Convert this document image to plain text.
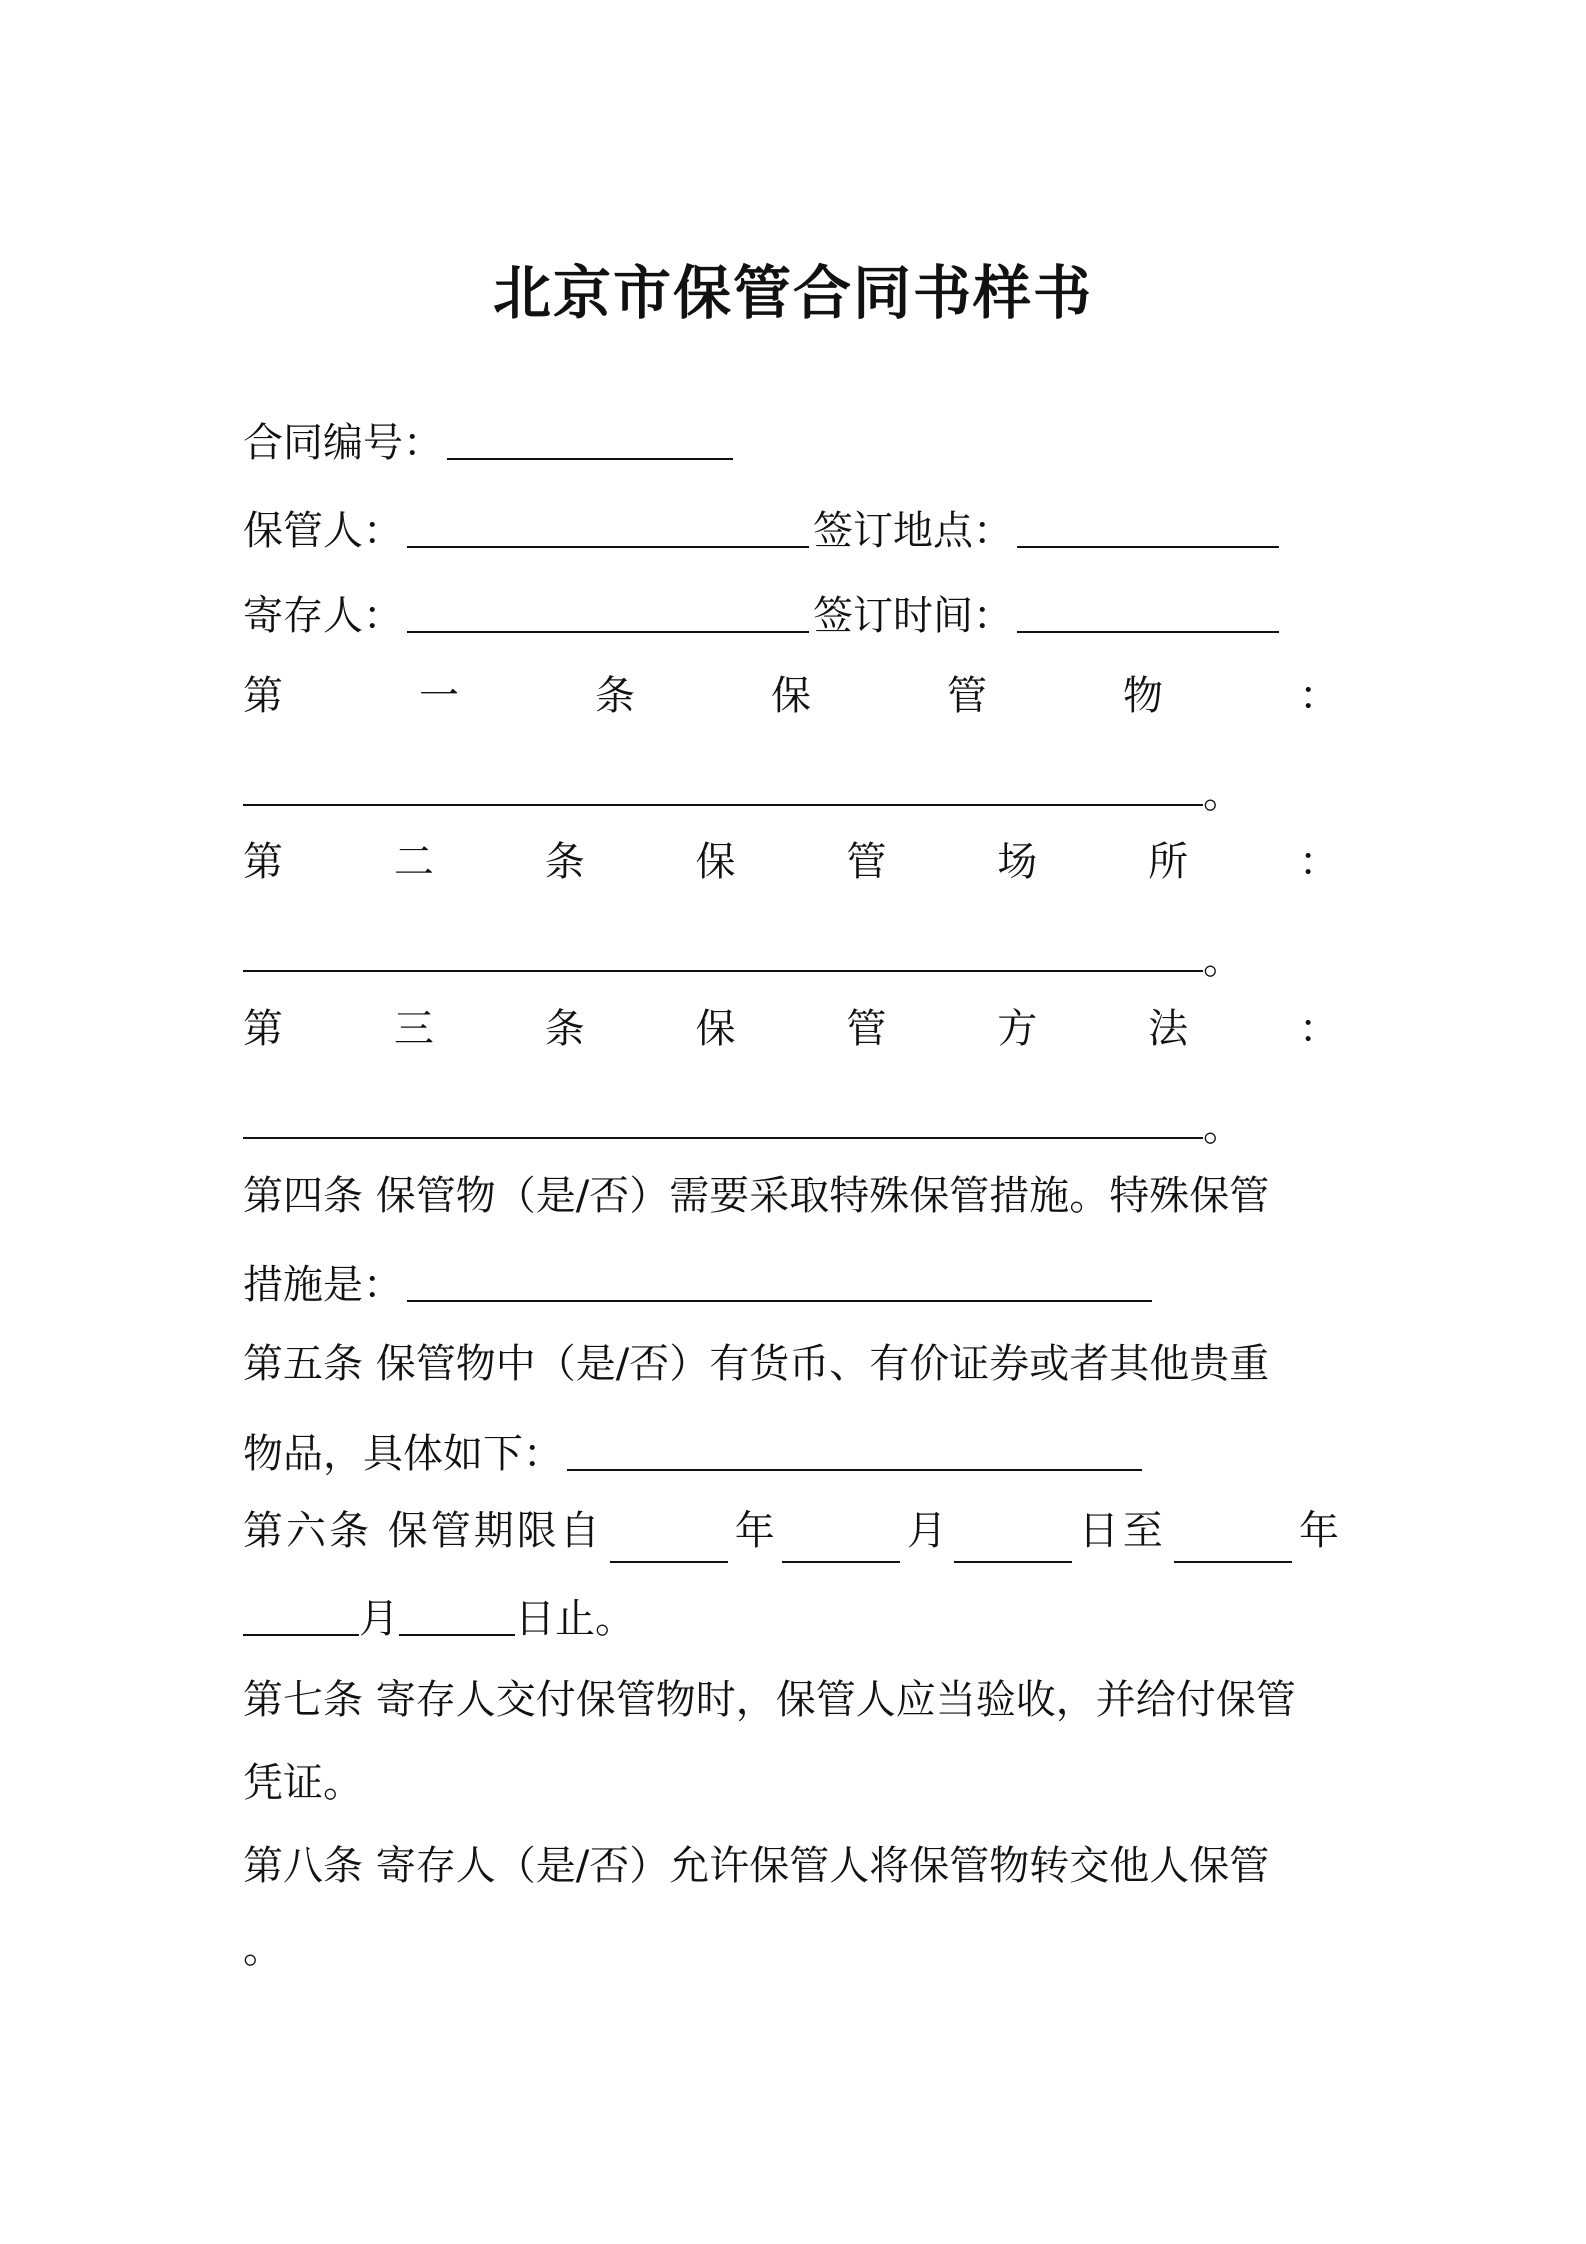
北京市保管合同书样书
合同编号：
保管人：	签订地点：
寄存人：	签订时间：
第	一	条	保	管	物	：
。
第	二	条	保	管	场	所	：
。
第	三	条	保	管	方	法	：
。
第四条 保管物（是/否）需要采取特殊保管措施。特殊保管
措施是：
第五条 保管物中（是/否）有货币、有价证券或者其他贵重
物品，具体如下：
第六条 保管期限自	年	月	日至	年
月	日止。
第七条 寄存人交付保管物时，保管人应当验收，并给付保管
凭证。
第八条 寄存人（是/否）允许保管人将保管物转交他人保管
。
